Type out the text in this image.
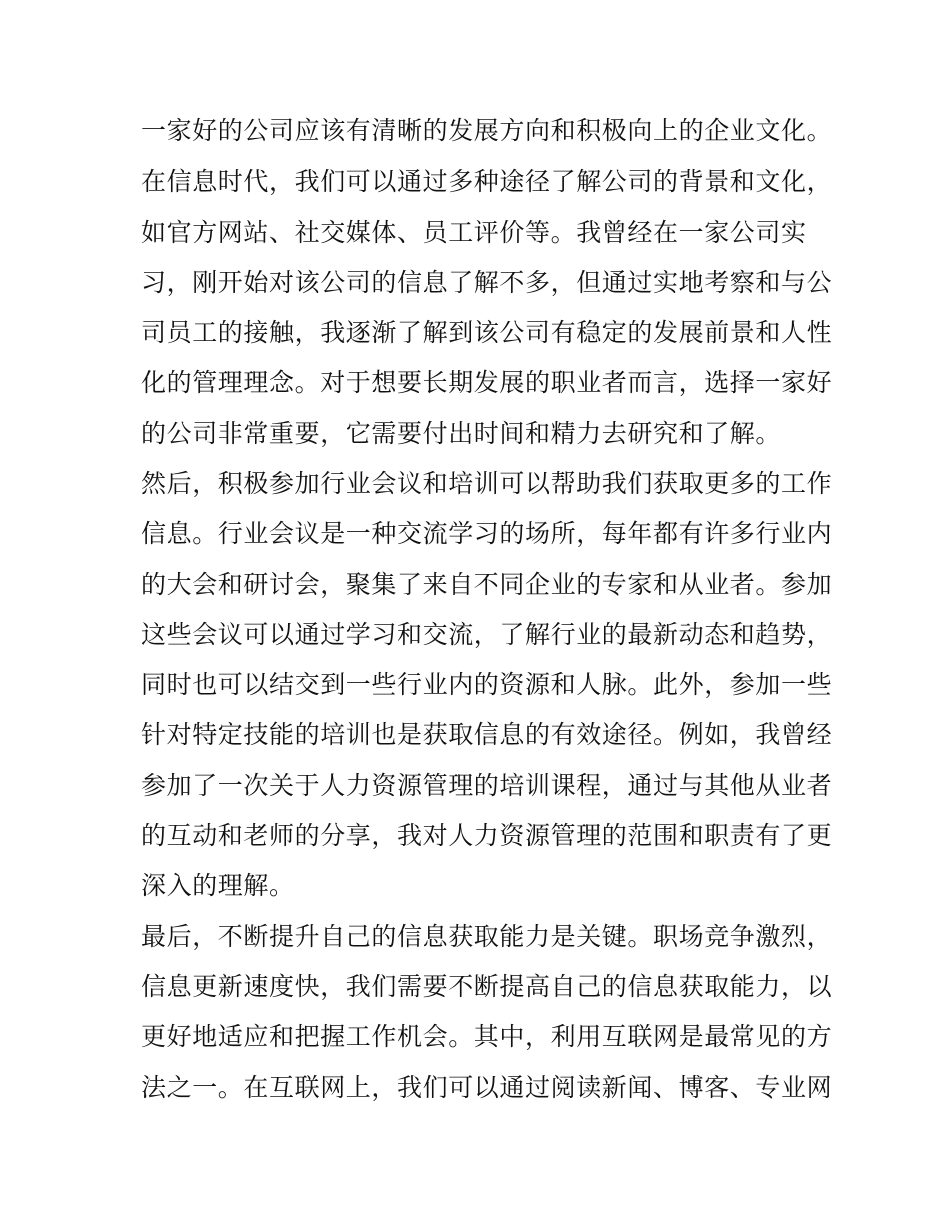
一家好的公司应该有清晰的发展方向和积极向上的企业文化。
在信息时代，我们可以通过多种途径了解公司的背景和文化，
如官方网站、社交媒体、员工评价等。我曾经在一家公司实
习，刚开始对该公司的信息了解不多，但通过实地考察和与公
司员工的接触，我逐渐了解到该公司有稳定的发展前景和人性
化的管理理念。对于想要长期发展的职业者而言，选择一家好
的公司非常重要，它需要付出时间和精力去研究和了解。
然后，积极参加行业会议和培训可以帮助我们获取更多的工作
信息。行业会议是一种交流学习的场所，每年都有许多行业内
的大会和研讨会，聚集了来自不同企业的专家和从业者。参加
这些会议可以通过学习和交流，了解行业的最新动态和趋势，
同时也可以结交到一些行业内的资源和人脉。此外，参加一些
针对特定技能的培训也是获取信息的有效途径。例如，我曾经
参加了一次关于人力资源管理的培训课程，通过与其他从业者
的互动和老师的分享，我对人力资源管理的范围和职责有了更
深入的理解。
最后，不断提升自己的信息获取能力是关键。职场竞争激烈，
信息更新速度快，我们需要不断提高自己的信息获取能力，以
更好地适应和把握工作机会。其中，利用互联网是最常见的方
法之一。在互联网上，我们可以通过阅读新闻、博客、专业网
